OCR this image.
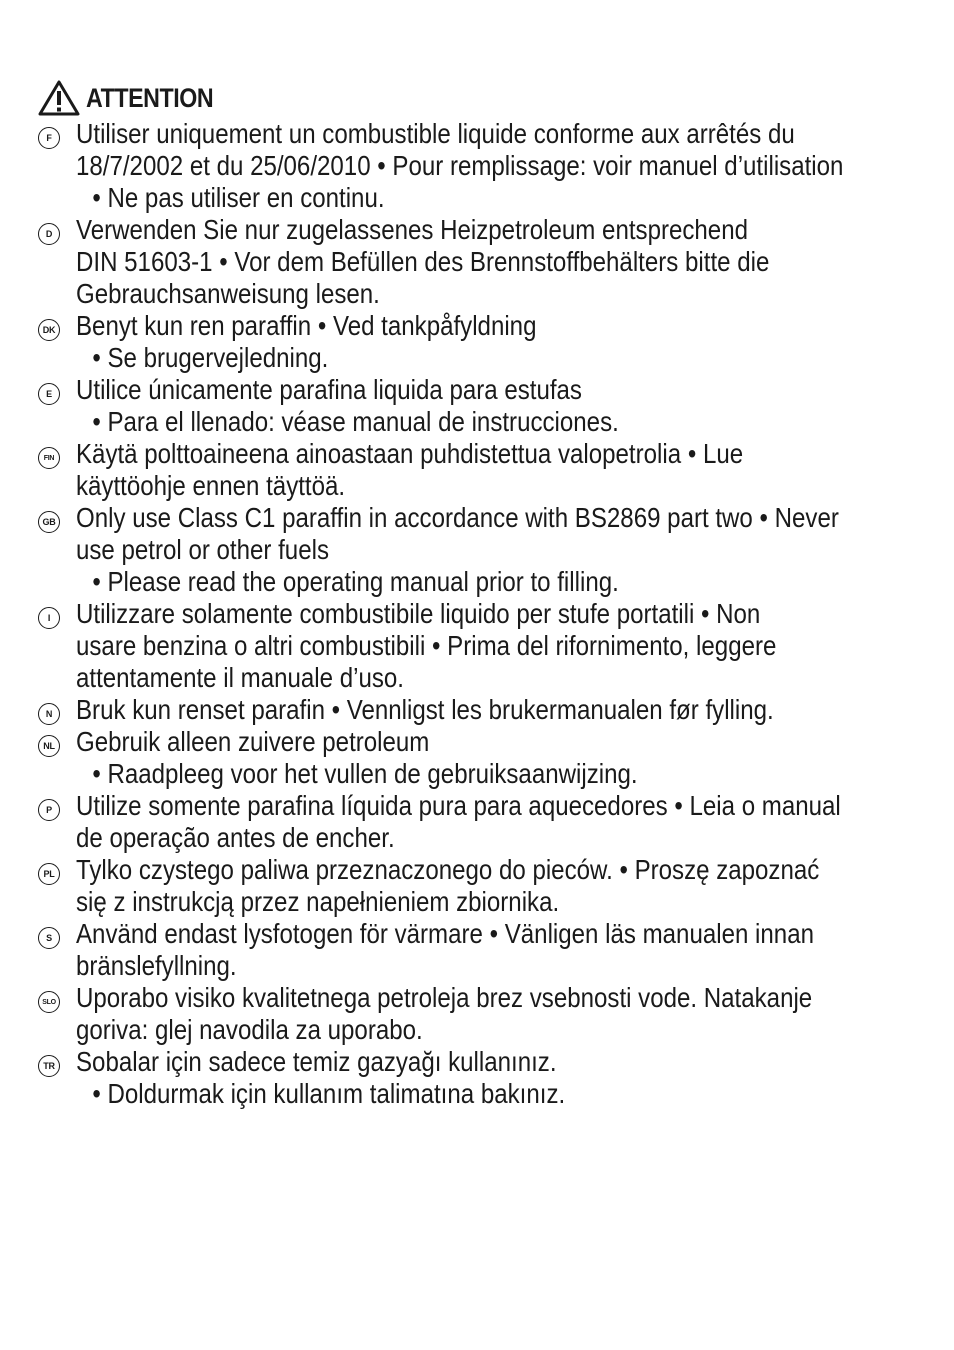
ATTENTION
F Utiliser uniquement un combustible liquide conforme aux arrêtés du
18/7/2002 et du 25/06/2010 • Pour remplissage: voir manuel d’utilisation
• Ne pas utiliser en continu.
D Verwenden Sie nur zugelassenes Heizpetroleum entsprechend
DIN 51603-1 • Vor dem Befüllen des Brennstoffbehälters bitte die
Gebrauchsanweisung lesen.
DK Benyt kun ren paraffin • Ved tankpåfyldning
• Se brugervejledning.
E Utilice únicamente parafina liquida para estufas
• Para el llenado: véase manual de instrucciones.
FIN Käytä polttoaineena ainoastaan puhdistettua valopetrolia • Lue
käyttöohje ennen täyttöä.
GB Only use Class C1 paraffin in accordance with BS2869 part two • Never
use petrol or other fuels
• Please read the operating manual prior to filling.
I Utilizzare solamente combustibile liquido per stufe portatili • Non
usare benzina o altri combustibili • Prima del rifornimento, leggere
attentamente il manuale d’uso.
N Bruk kun renset parafin • Vennligst les brukermanualen før fylling.
NL Gebruik alleen zuivere petroleum
• Raadpleeg voor het vullen de gebruiksaanwijzing.
P Utilize somente parafina líquida pura para aquecedores • Leia o manual
de operação antes de encher.
PL Tylko czystego paliwa przeznaczonego do pieców. • Proszę zapoznać
się z instrukcją przez napełnieniem zbiornika.
S Använd endast lysfotogen för värmare • Vänligen läs manualen innan
bränslefyllning.
SLO Uporabo visiko kvalitetnega petroleja brez vsebnosti vode. Natakanje
goriva: glej navodila za uporabo.
TR Sobalar için sadece temiz gazyağı kullanınız.
• Doldurmak için kullanım talimatına bakınız.
